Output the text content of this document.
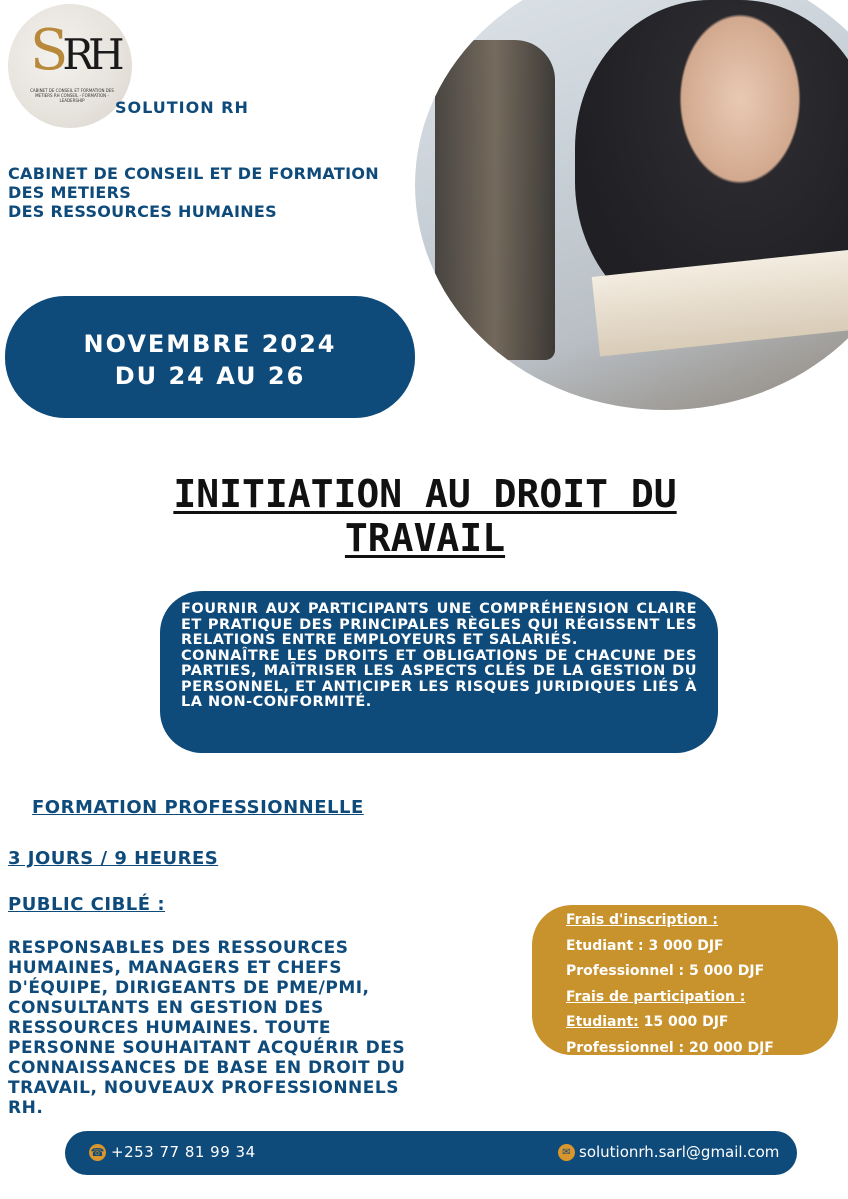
SRH
CABINET DE CONSEIL ET FORMATION DES METIERS RH CONSEIL - FORMATION - LEADERSHIP	SOLUTION RH
CABINET DE CONSEIL ET DE FORMATION
DES METIERS
DES RESSOURCES HUMAINES
NOVEMBRE 2024
DU 24 AU 26
INITIATION AU DROIT DU TRAVAIL

FOURNIR AUX PARTICIPANTS UNE COMPRÉHENSION CLAIRE ET PRATIQUE DES PRINCIPALES RÈGLES QUI RÉGISSENT LES RELATIONS ENTRE EMPLOYEURS ET SALARIÉS.

CONNAÎTRE LES DROITS ET OBLIGATIONS DE CHACUNE DES PARTIES, MAÎTRISER LES ASPECTS CLÉS DE LA GESTION DU PERSONNEL, ET ANTICIPER LES RISQUES JURIDIQUES LIÉS À LA NON-CONFORMITÉ.

FORMATION PROFESSIONNELLE
3 JOURS / 9 HEURES
PUBLIC CIBLÉ :
RESPONSABLES DES RESSOURCES HUMAINES, MANAGERS ET CHEFS D'ÉQUIPE, DIRIGEANTS DE PME/PMI, CONSULTANTS EN GESTION DES RESSOURCES HUMAINES. TOUTE PERSONNE SOUHAITANT ACQUÉRIR DES CONNAISSANCES DE BASE EN DROIT DU TRAVAIL, NOUVEAUX PROFESSIONNELS RH.
Frais d'inscription :
Etudiant : 3 000 DJF
Professionnel : 5 000 DJF
Frais de participation :
Etudiant: 15 000 DJF
Professionnel : 20 000 DJF
☎ +253 77 81 99 34	✉ solutionrh.sarl@gmail.com
